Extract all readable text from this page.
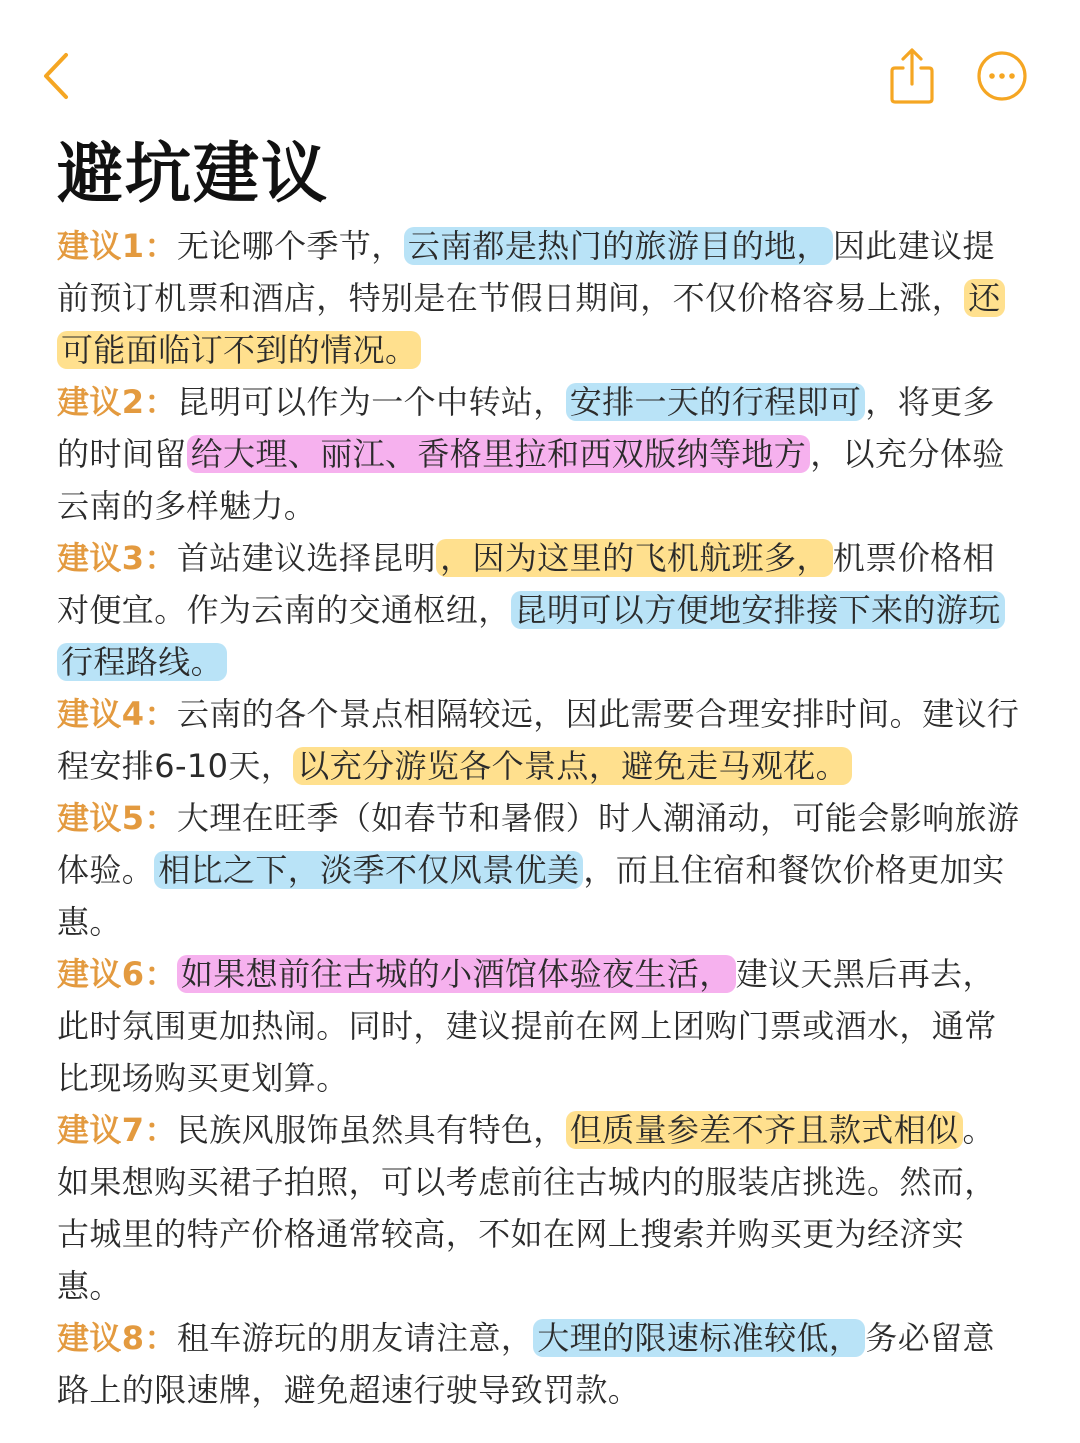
避坑建议

建议1：无论哪个季节， 云南都是热门的旅游目的地， 因此建议提前预订机票和酒店，特别是在节假日期间，不仅价格容易上涨， 还可能面临订不到的情况。

建议2：昆明可以作为一个中转站， 安排一天的行程即可 ，将更多的时间留 给大理、丽江、香格里拉和西双版纳等地方 ，以充分体验云南的多样魅力。

建议3：首站建议选择昆明 ，因为这里的飞机航班多， 机票价格相对便宜。作为云南的交通枢纽， 昆明可以方便地安排接下来的游玩行程路线。

建议4：云南的各个景点相隔较远，因此需要合理安排时间。建议行程安排6-10天， 以充分游览各个景点，避免走马观花。

建议5：大理在旺季（如春节和暑假）时人潮涌动，可能会影响旅游体验。 相比之下，淡季不仅风景优美 ，而且住宿和餐饮价格更加实惠。

建议6： 如果想前往古城的小酒馆体验夜生活， 建议天黑后再去，此时氛围更加热闹。同时，建议提前在网上团购门票或酒水，通常比现场购买更划算。

建议7：民族风服饰虽然具有特色， 但质量参差不齐且款式相似 。如果想购买裙子拍照，可以考虑前往古城内的服装店挑选。然而，古城里的特产价格通常较高，不如在网上搜索并购买更为经济实惠。

建议8：租车游玩的朋友请注意， 大理的限速标准较低， 务必留意路上的限速牌，避免超速行驶导致罚款。
